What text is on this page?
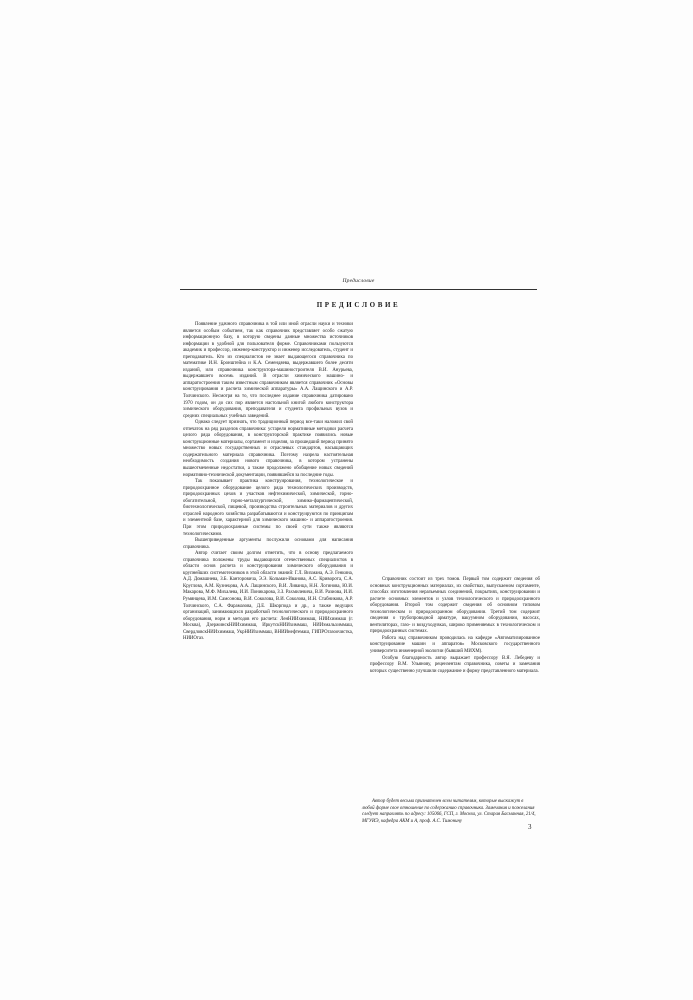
Предисловие
ПРЕДИСЛОВИЕ

Появление удачного справочника в той или иной отрасли науки и техники является особым событием, так как справочник представляет особо сжатую информационную базу, в которую сведены данные множества источников информации в удобной для пользователя форме. Справочниками пользуются академик и профессор, инженер-конструктор и инженер исследователь, студент и преподаватель. Кто из специалистов не знает выдающегося справочника по математике И.Н. Бронштейна и К.А. Семендяева, выдержавшего более десяти изданий, или справочника конструктора-машиностроителя В.И. Анурьева, выдержавшего восемь изданий. В отрасли химического машино- и аппаратостроения таким известным справочником является справочник «Основы конструирования и расчета химической аппаратуры» А.А. Лащинского и А.Р. Толчинского. Несмотря на то, что последнее издание справочника датировано 1970 годом, он до сих пор является настольной книгой любого конструктора химического оборудования, преподавателя и студента профильных вузов и средних специальных учебных заведений.

Однако следует признать, что традиционный период все-таки наложил свой отпечаток на ряд разделов справочника: устарели нормативные методики расчета целого ряда оборудования, в конструкторской практике появились новые конструкционные материалы, сортамент и изделия, за прошедший период принято множество новых государственных и отраслевых стандартов, насыщающих содержательного материала справочника. Поэтому назрела настоятельная необходимость создания нового справочника, в котором устранены вышеотмеченные недостатки, а также продолжено обобщение новых сведений нормативно-технической документации, появившейся за последние годы.

Так показывает практика конструирования, технологическое и природоохранное оборудование целого ряда технологических производств, природоохранных цехов и участков нефтехимической, химической, горно-обогатительной, горно-металлургической, химико-фармацевтической, биотехнологической, пищевой, производства строительных материалов и других отраслей народного хозяйства разрабатываются и конструируются по принципам и элементной базе, характерной для химического машино- и аппаратостроения. При этом природоохранные системы по своей сути также являются технологическими.

Вышеприведенные аргументы послужили основами для написания справочника.

Автор считает своим долгом отметить, что в основу предлагаемого справочника положены труды выдающихся отечественных специалистов в области основ расчета и конструирования химического оборудования и крупнейших системотехников в этой области знаний: Г.Л. Вихмана, А.Э. Генкина, А.Д. Домашнева, З.Б. Канторовича, Э.Э. Кольман-Иванова, А.С. Криворота, С.А. Круглова, А.М. Кузнецова, А.А. Лащинского, В.И. Ливанца, Н.Н. Логинова, Ю.И. Макарова, М.Ф. Михалева, И.И. Поникарова, З.З. Рахмилевича, В.И. Разиова, И.И. Румянцева, И.М. Самсонова, В.И. Соколова, В.И. Соколова, И.Н. Стабникова, А.Р. Толчинского, С.А. Фарамазова, Д.Е. Шкорпода и др., а также ведущих организаций, занимающихся разработкой технологического и природоохранного оборудования, норм и методов его расчета: ЛенНИИхиммаш, НИИхиммаш (г. Москва), ДзержинскНИИхиммаш, ИркутскНИИхиммаш, НИИэмальхиммаш, СвердловскНИИхиммаш, УкрНИИхиммаш, ВНИИнефтемаш, ГИПРОгазоочистка, НИИОгаз.

Справочник состоит из трех томов. Первый том содержит сведения об основных конструкционных материалах, их свойствах, выпускаемом сортаменте, способах изготовления неразъемных соединений, покрытиях, конструировании и расчете основных элементов и узлов технологического и природоохранного оборудования. Второй том содержит сведения об основном типовом технологическом и природоохранном оборудовании. Третий том содержит сведения о трубопроводной арматуре, вакуумном оборудовании, насосах, вентиляторах, газо- и воздуходувках, широко применяемых в технологическом и природоохранных системах.

Работа над справочником проводилась на кафедре «Автоматизированное конструирование машин и аппаратов» Московского государственного университета инженерной экологии (бывший МИХМ).

Особую благодарность автор выражает профессору В.Я. Лебедеву и профессору В.М. Ульянову, рецензентам справочника, советы и замечания которых существенно улучшили содержание и форму представленного материала.

Автор будет весьма признателен всем читателям, которые выскажут в любой форме свое отношение по содержанию справочника. Замечания и пожелания следует направлять по адресу: 105066, ГСП, г. Москва, ул. Старая Басманная, 21/4, МГУИЭ, кафедра АКМ и А, проф. А.С. Тимонину

3
